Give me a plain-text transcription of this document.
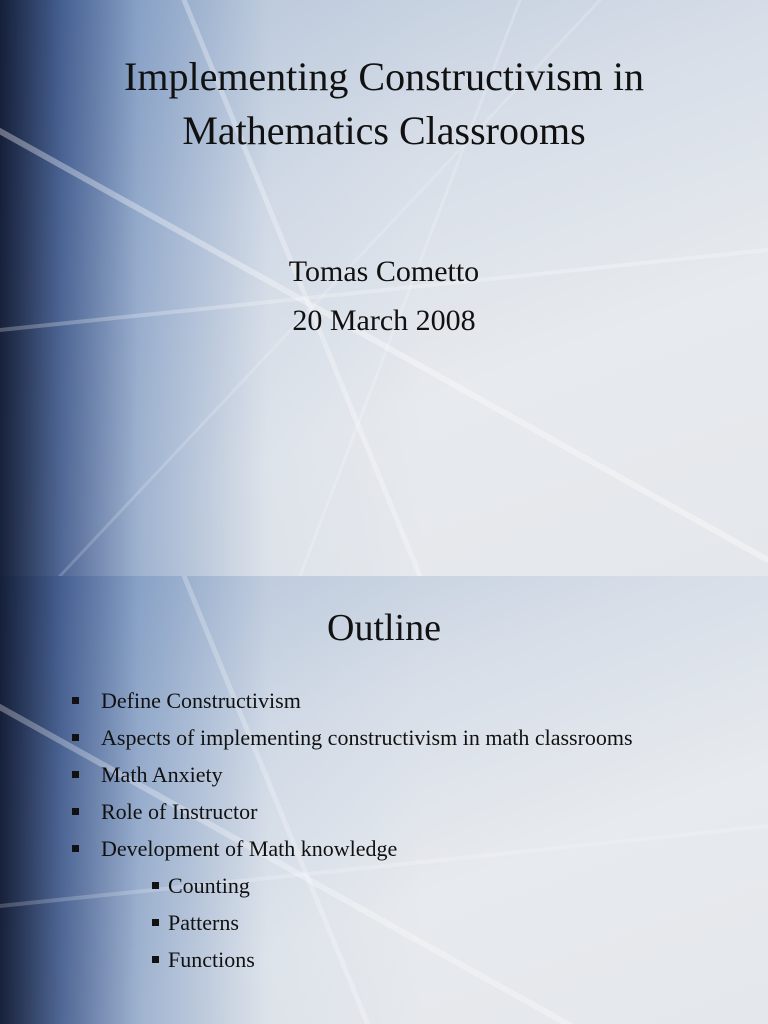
Implementing Constructivism in
Mathematics Classrooms
Tomas Cometto
20 March 2008
Outline
Define Constructivism
Aspects of implementing constructivism in math classrooms
Math Anxiety
Role of Instructor
Development of Math knowledge
Counting
Patterns
Functions
